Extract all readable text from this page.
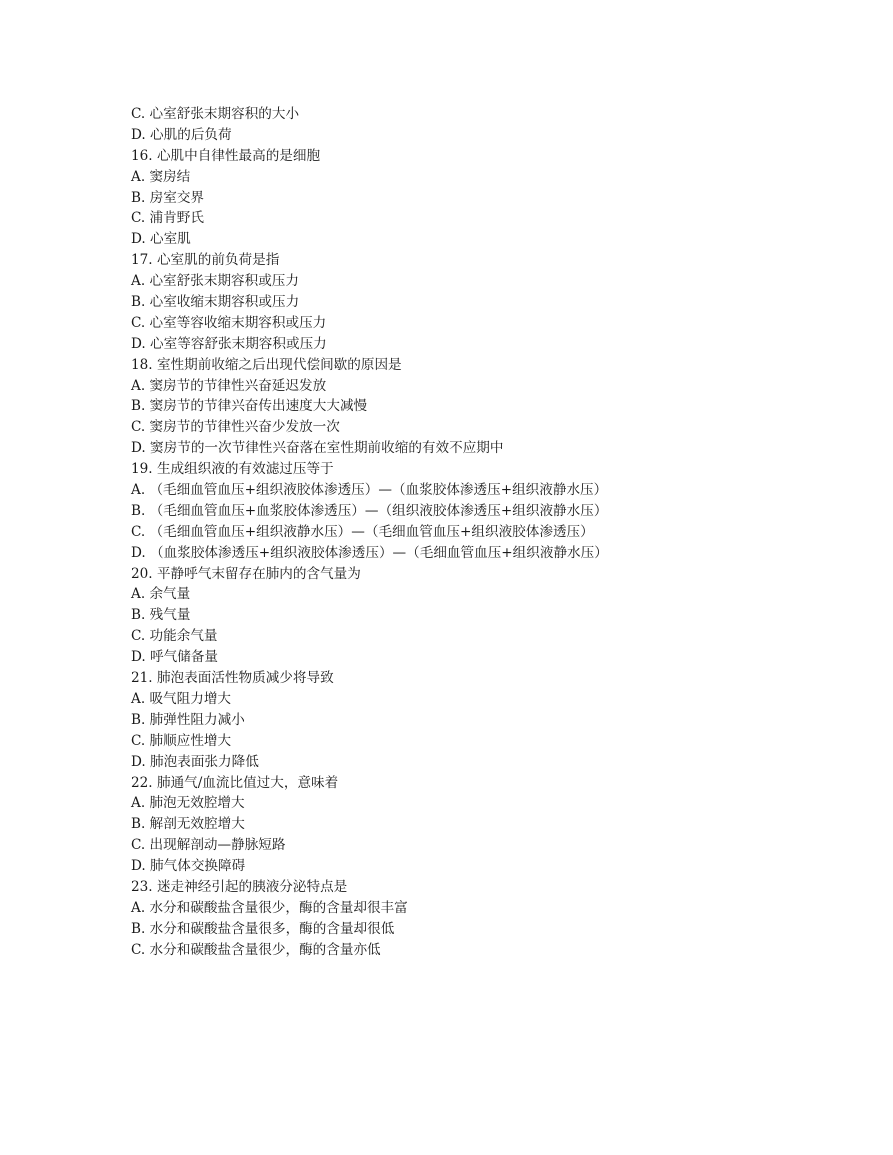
C. 心室舒张末期容积的大小
D. 心肌的后负荷
16. 心肌中自律性最高的是细胞
A. 窦房结
B. 房室交界
C. 浦肯野氏
D. 心室肌
17. 心室肌的前负荷是指
A. 心室舒张末期容积或压力
B. 心室收缩末期容积或压力
C. 心室等容收缩末期容积或压力
D. 心室等容舒张末期容积或压力
18. 室性期前收缩之后出现代偿间歇的原因是
A. 窦房节的节律性兴奋延迟发放
B. 窦房节的节律兴奋传出速度大大减慢
C. 窦房节的节律性兴奋少发放一次
D. 窦房节的一次节律性兴奋落在室性期前收缩的有效不应期中
19. 生成组织液的有效滤过压等于
A. （毛细血管血压+组织液胶体渗透压）—（血浆胶体渗透压+组织液静水压）
B. （毛细血管血压+血浆胶体渗透压）—（组织液胶体渗透压+组织液静水压）
C. （毛细血管血压+组织液静水压）—（毛细血管血压+组织液胶体渗透压）
D. （血浆胶体渗透压+组织液胶体渗透压）—（毛细血管血压+组织液静水压）
20. 平静呼气末留存在肺内的含气量为
A. 余气量
B. 残气量
C. 功能余气量
D. 呼气储备量
21. 肺泡表面活性物质减少将导致
A. 吸气阻力增大
B. 肺弹性阻力减小
C. 肺顺应性增大
D. 肺泡表面张力降低
22. 肺通气/血流比值过大，意味着
A. 肺泡无效腔增大
B. 解剖无效腔增大
C. 出现解剖动—静脉短路
D. 肺气体交换障碍
23. 迷走神经引起的胰液分泌特点是
A. 水分和碳酸盐含量很少，酶的含量却很丰富
B. 水分和碳酸盐含量很多，酶的含量却很低
C. 水分和碳酸盐含量很少，酶的含量亦低
